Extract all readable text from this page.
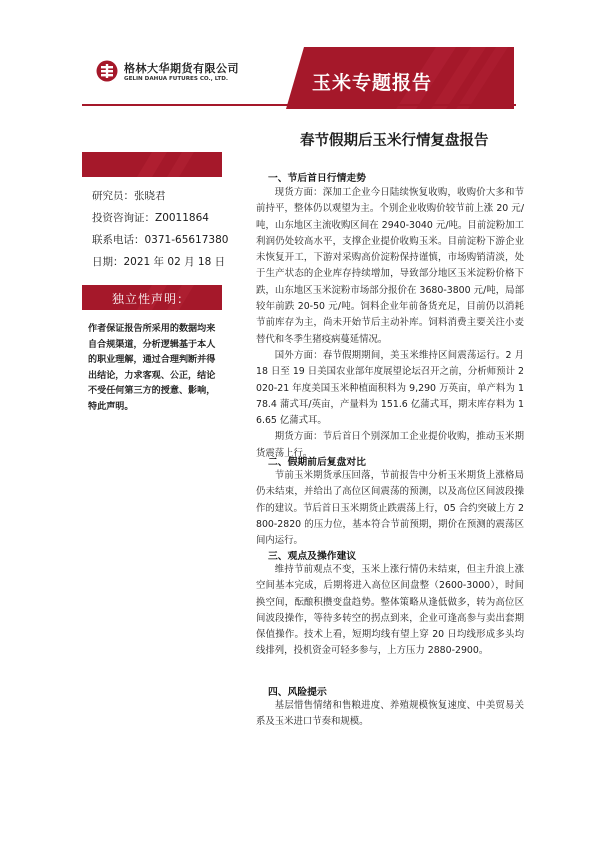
格林大华期货有限公司
GELIN DAHUA FUTURES CO., LTD.	玉米专题报告
春节假期后玉米行情复盘报告
研究员：张晓君
投资咨询证：Z0011864
联系电话：0371-65617380
独立性声明：
作者保证报告所采用的数据均来自合规渠道，分析逻辑基于本人的职业理解，通过合理判断并得出结论，力求客观、公正，结论不受任何第三方的授意、影响，特此声明。
一、节后首日行情走势

现货方面：深加工企业今日陆续恢复收购，收购价大多和节前持平，整体仍以观望为主。个别企业收购价较节前上涨 20 元/吨，山东地区主流收购区间在 2940-3040 元/吨。目前淀粉加工利润仍处较高水平，支撑企业提价收购玉米。目前淀粉下游企业未恢复开工，下游对采购高价淀粉保持谨慎，市场购销清淡，处于生产状态的企业库存持续增加，导致部分地区玉米淀粉价格下跌，山东地区玉米淀粉市场部分报价在 3680-3800 元/吨，局部较年前跌 20-50 元/吨。饲料企业年前备货充足，目前仍以消耗节前库存为主，尚未开始节后主动补库。饲料消费主要关注小麦替代和冬季生猪疫病蔓延情况。

国外方面：春节假期期间，美玉米维持区间震荡运行。2 月 18 日至 19 日美国农业部年度展望论坛召开之前，分析师预计 2020-21 年度美国玉米种植面积料为 9,290 万英亩，单产料为 178.4 蒲式耳/英亩，产量料为 151.6 亿蒲式耳，期末库存料为 16.65 亿蒲式耳。

期货方面：节后首日个别深加工企业提价收购，推动玉米期货震荡上行。

二、假期前后复盘对比

节前玉米期货承压回落，节前报告中分析玉米期货上涨格局仍未结束，并给出了高位区间震荡的预测，以及高位区间波段操作的建议。节后首日玉米期货止跌震荡上行，05 合约突破上方 2800-2820 的压力位，基本符合节前预期，期价在预测的震荡区间内运行。

三、观点及操作建议

维持节前观点不变，玉米上涨行情仍未结束，但主升浪上涨空间基本完成，后期将进入高位区间盘整（2600-3000），时间换空间，酝酿积攒变盘趋势。整体策略从逢低做多，转为高位区间波段操作，等待多转空的拐点到来，企业可逢高参与卖出套期保值操作。技术上看，短期均线有望上穿 20 日均线形成多头均线排列，投机资金可轻多参与，上方压力 2880-2900。

四、风险提示

基层惜售情绪和售粮进度、养殖规模恢复速度、中美贸易关系及玉米进口节奏和规模。

日期：2021 年 02 月 18 日
